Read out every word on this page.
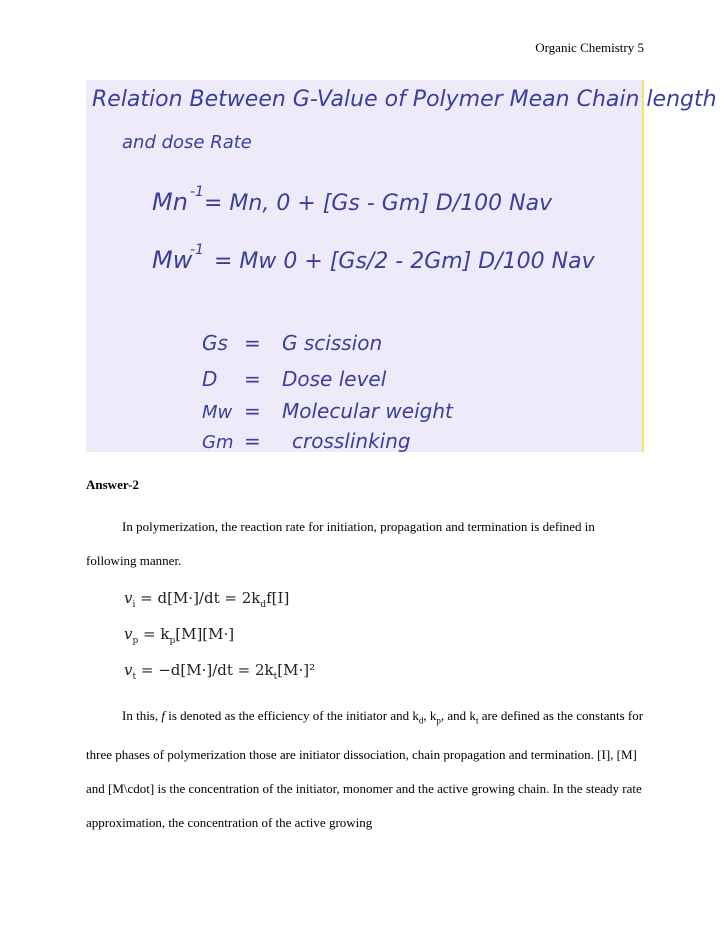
Organic Chemistry 5
Relation Between G-Value of Polymer Mean Chain length
and dose Rate
Mn -1 = Mn, 0 + [Gs - Gm] D/100 Nav
Mw
-1 = Mw 0 + [Gs/2 - 2Gm] D/100 Nav
Gs = G scission
D = Dose level
Mw = Molecular weight
Gm = crosslinking
Answer-2
In polymerization, the reaction rate for initiation, propagation and termination is defined in following manner.
$v_i = d[M\cdot]/dt = 2k_df[I]$
$v_p = k_p[M][M\cdot]$
$v_t = -d[M\cdot]/dt = 2k_t[M\cdot]^2$
In this, f is denoted as the efficiency of the initiator and $k_d$, $k_p$, and $k_t$ are defined as the constants for three phases of polymerization those are initiator dissociation, chain propagation and termination. [I], [M] and [M\cdot] is the concentration of the initiator, monomer and the active growing chain. In the steady rate approximation, the concentration of the active growing
